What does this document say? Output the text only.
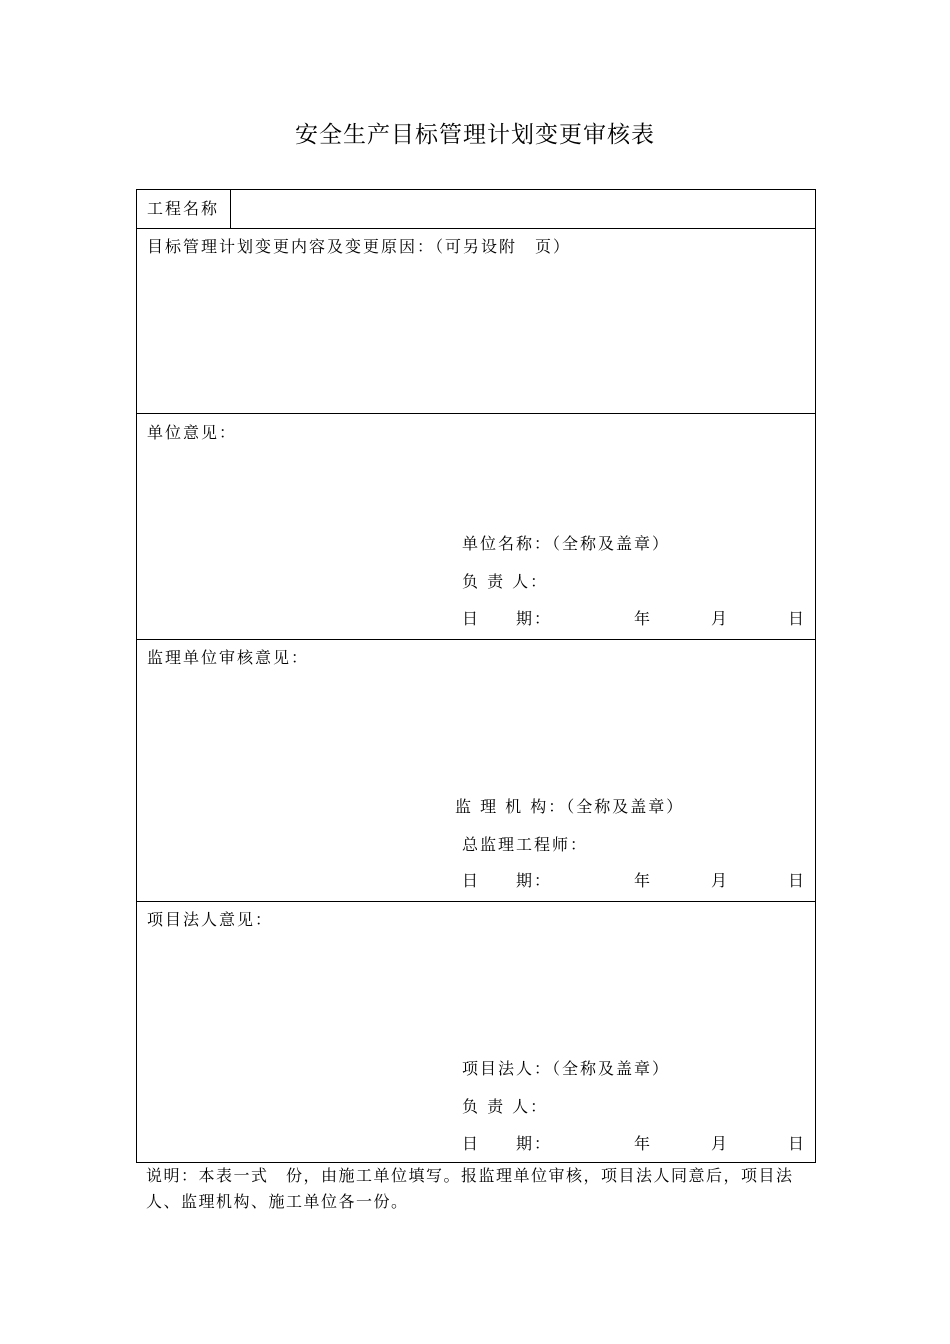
安全生产目标管理计划变更审核表
工程名称
目标管理计划变更内容及变更原因：（可另设附　页）
单位意见：
单位名称：（全称及盖章）
负 责 人：
日　　期：	年	月	日
监理单位审核意见：
监 理 机 构：（全称及盖章）
总监理工程师：
日　　期：	年	月	日
项目法人意见：
项目法人：（全称及盖章）
负 责 人：
日　　期：	年	月	日
说明：本表一式　份，由施工单位填写。报监理单位审核，项目法人同意后，项目法人、监理机构、施工单位各一份。
